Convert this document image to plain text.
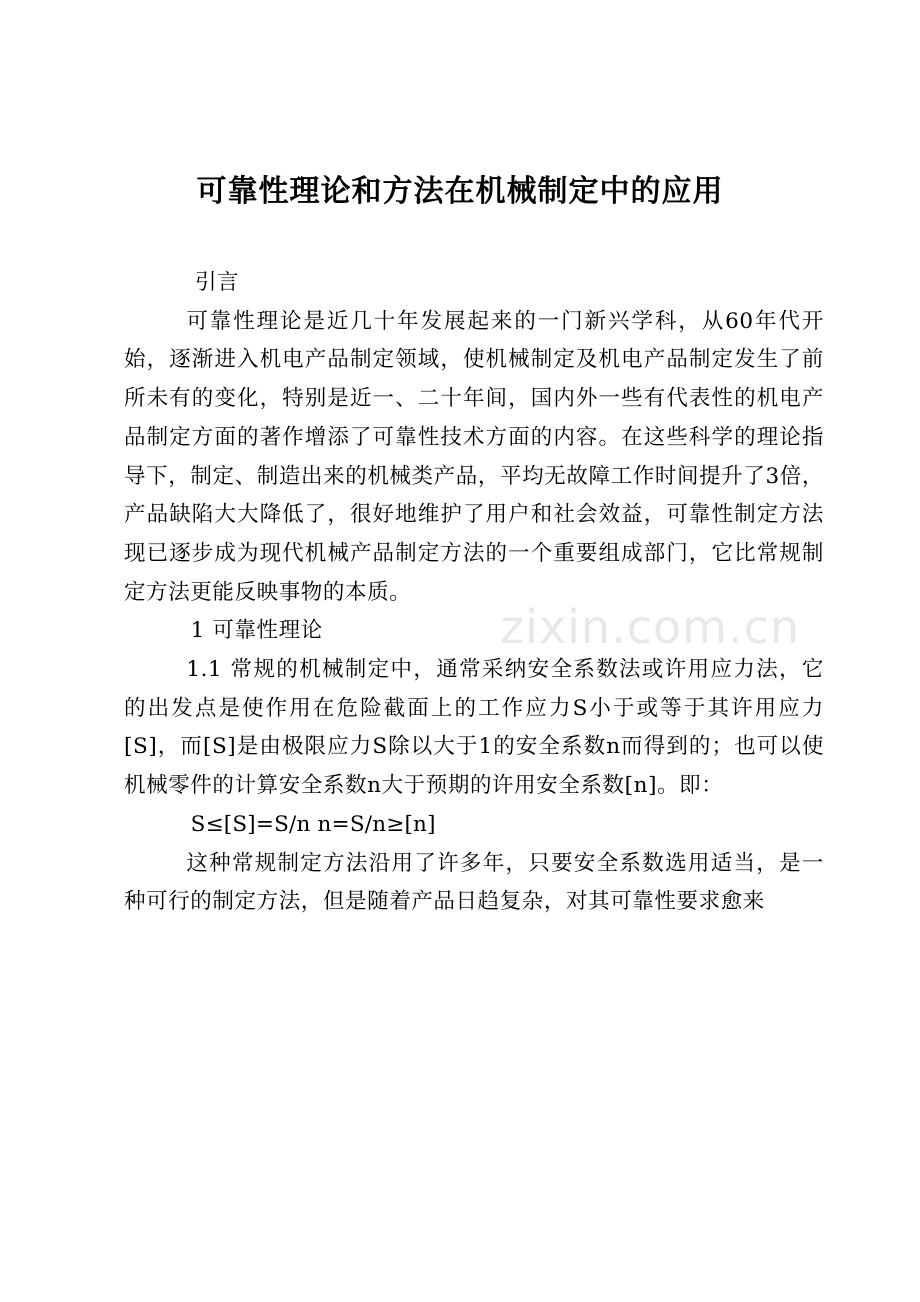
可靠性理论和方法在机械制定中的应用

引言

可靠性理论是近几十年发展起来的一门新兴学科，从60年代开始，逐渐进入机电产品制定领域，使机械制定及机电产品制定发生了前所未有的变化，特别是近一、二十年间，国内外一些有代表性的机电产品制定方面的著作增添了可靠性技术方面的内容。在这些科学的理论指导下，制定、制造出来的机械类产品，平均无故障工作时间提升了3倍，产品缺陷大大降低了，很好地维护了用户和社会效益，可靠性制定方法现已逐步成为现代机械产品制定方法的一个重要组成部门，它比常规制定方法更能反映事物的本质。

1 可靠性理论

1.1 常规的机械制定中，通常采纳安全系数法或许用应力法，它的出发点是使作用在危险截面上的工作应力S小于或等于其许用应力[S]，而[S]是由极限应力S除以大于1的安全系数n而得到的；也可以使机械零件的计算安全系数n大于预期的许用安全系数[n]。即：

S≤[S]=S/n n=S/n≥[n]

这种常规制定方法沿用了许多年，只要安全系数选用适当，是一种可行的制定方法，但是随着产品日趋复杂，对其可靠性要求愈来

zixin.com.cn
